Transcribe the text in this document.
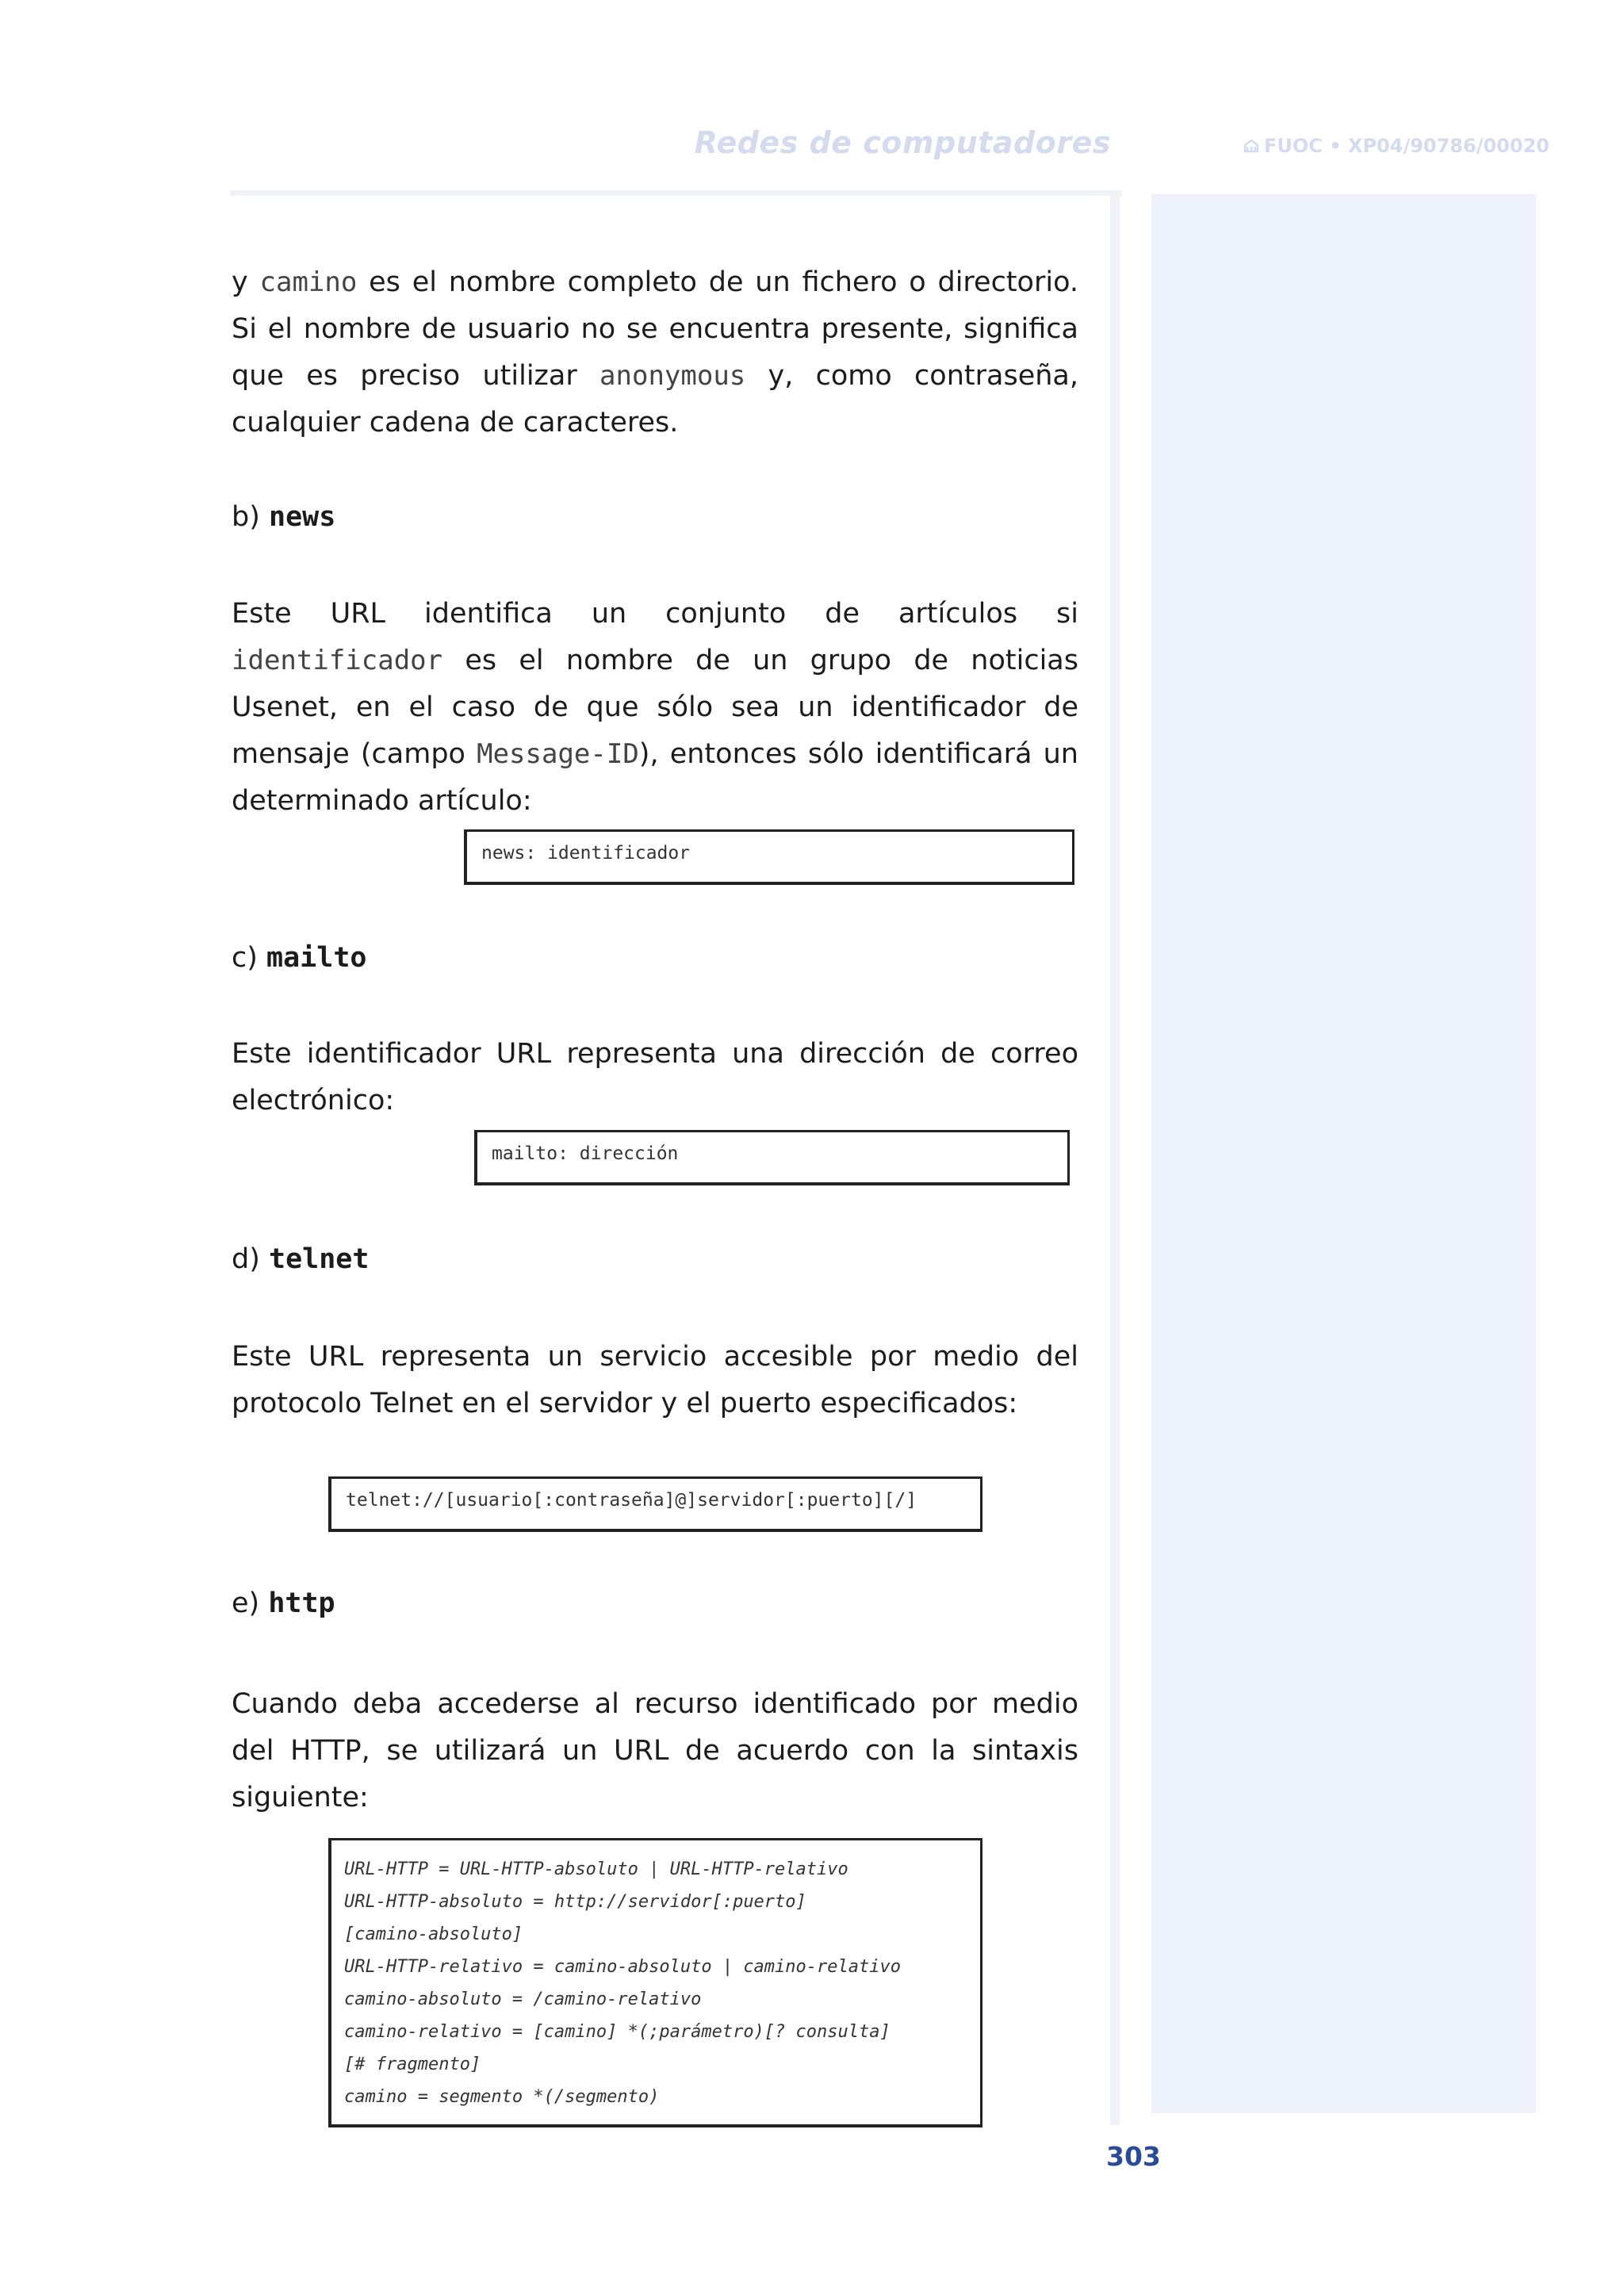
Redes de computadores	FUOC • XP04/90786/00020
ANOTACIONES
y camino es el nombre completo de un fichero o directorio. Si el nombre de usuario no se encuentra presente, significa que es preciso utilizar anonymous y, como contraseña, cualquier cadena de caracteres.
b) news
Este URL identifica un conjunto de artículos si identificador es el nombre de un grupo de noticias Usenet, en el caso de que sólo sea un identificador de mensaje (campo Message-ID), entonces sólo identificará un determinado artículo:
news: identificador
c) mailto
Este identificador URL representa una dirección de correo electrónico:
mailto: dirección
d) telnet
Este URL representa un servicio accesible por medio del protocolo Telnet en el servidor y el puerto especificados:
telnet://[usuario[:contraseña]@]servidor[:puerto][/]
e) http
Cuando deba accederse al recurso identificado por medio del HTTP, se utilizará un URL de acuerdo con la sintaxis siguiente:
URL-HTTP = URL-HTTP-absoluto | URL-HTTP-relativo
URL-HTTP-absoluto = http://servidor[:puerto]
[camino-absoluto]
URL-HTTP-relativo = camino-absoluto | camino-relativo
camino-absoluto = /camino-relativo
camino-relativo = [camino] *(;parámetro)[? consulta]
[# fragmento]
camino = segmento *(/segmento)
303
